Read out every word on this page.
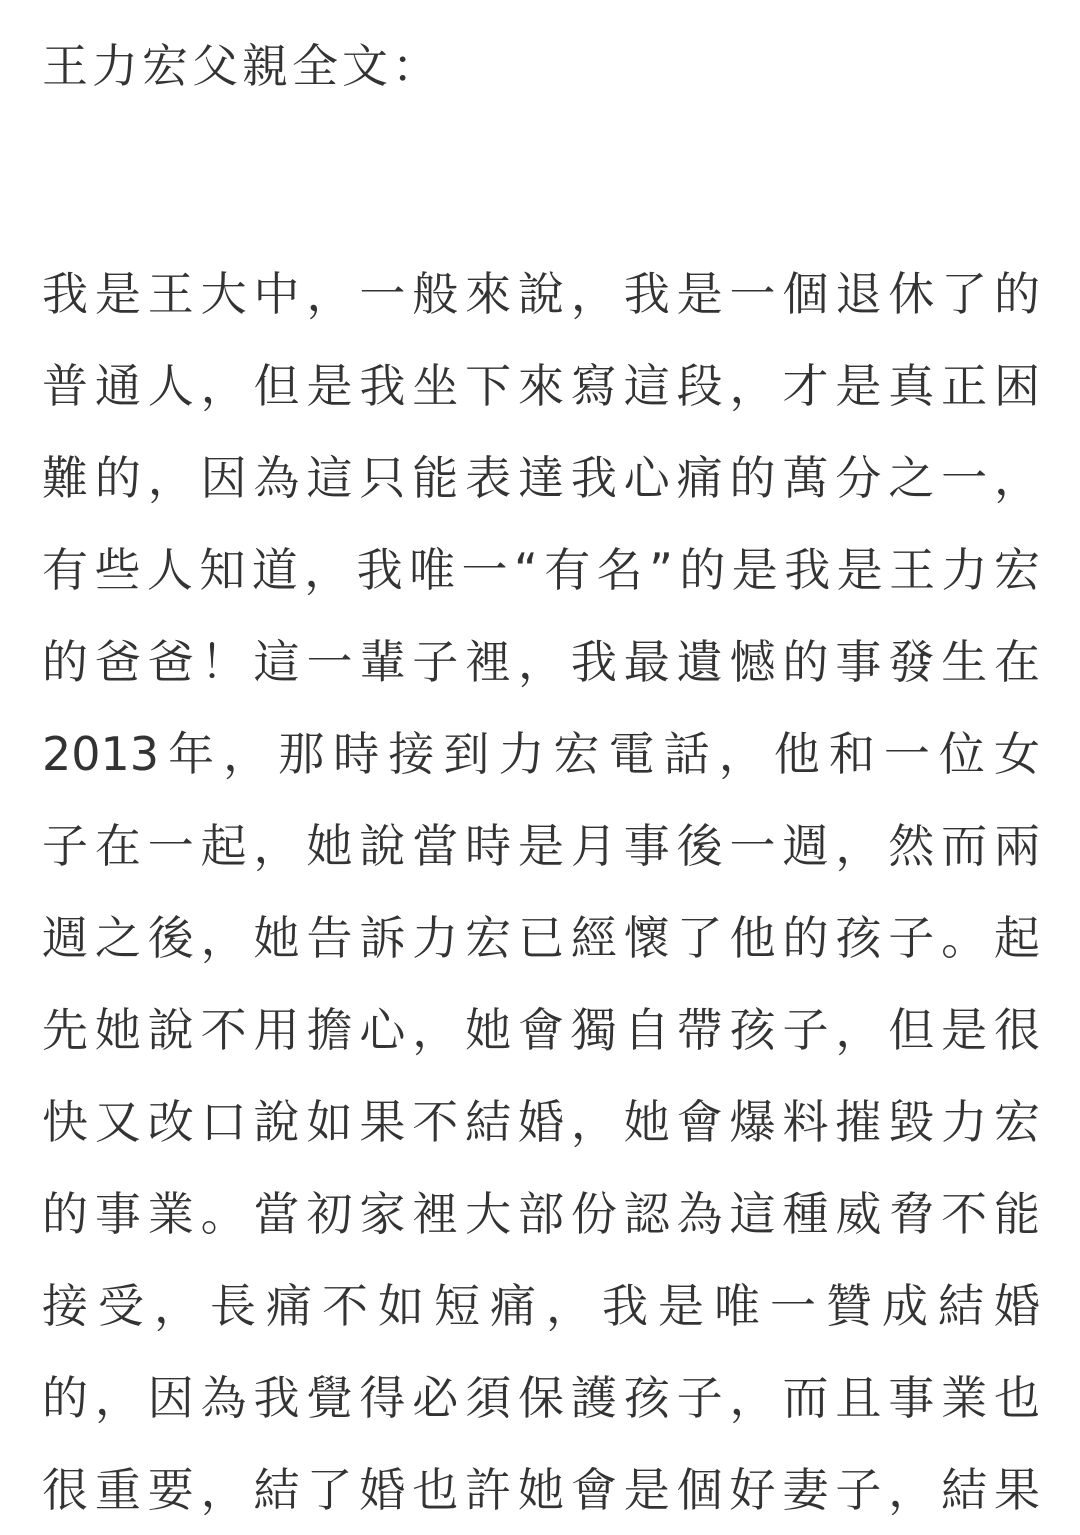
王力宏父親全文：
我是王大中，一般來說，我是一個退休了的
普通人，但是我坐下來寫這段，才是真正困
難的，因為這只能表達我心痛的萬分之一，
有些人知道，我唯一“有名”的是我是王力宏
的爸爸！這一輩子裡，我最遺憾的事發生在
2013年，那時接到力宏電話，他和一位女
子在一起，她說當時是月事後一週，然而兩
週之後，她告訴力宏已經懷了他的孩子。起
先她說不用擔心，她會獨自帶孩子，但是很
快又改口說如果不結婚，她會爆料摧毀力宏
的事業。當初家裡大部份認為這種威脅不能
接受，長痛不如短痛，我是唯一贊成結婚
的，因為我覺得必須保護孩子，而且事業也
很重要，結了婚也許她會是個好妻子，結果
